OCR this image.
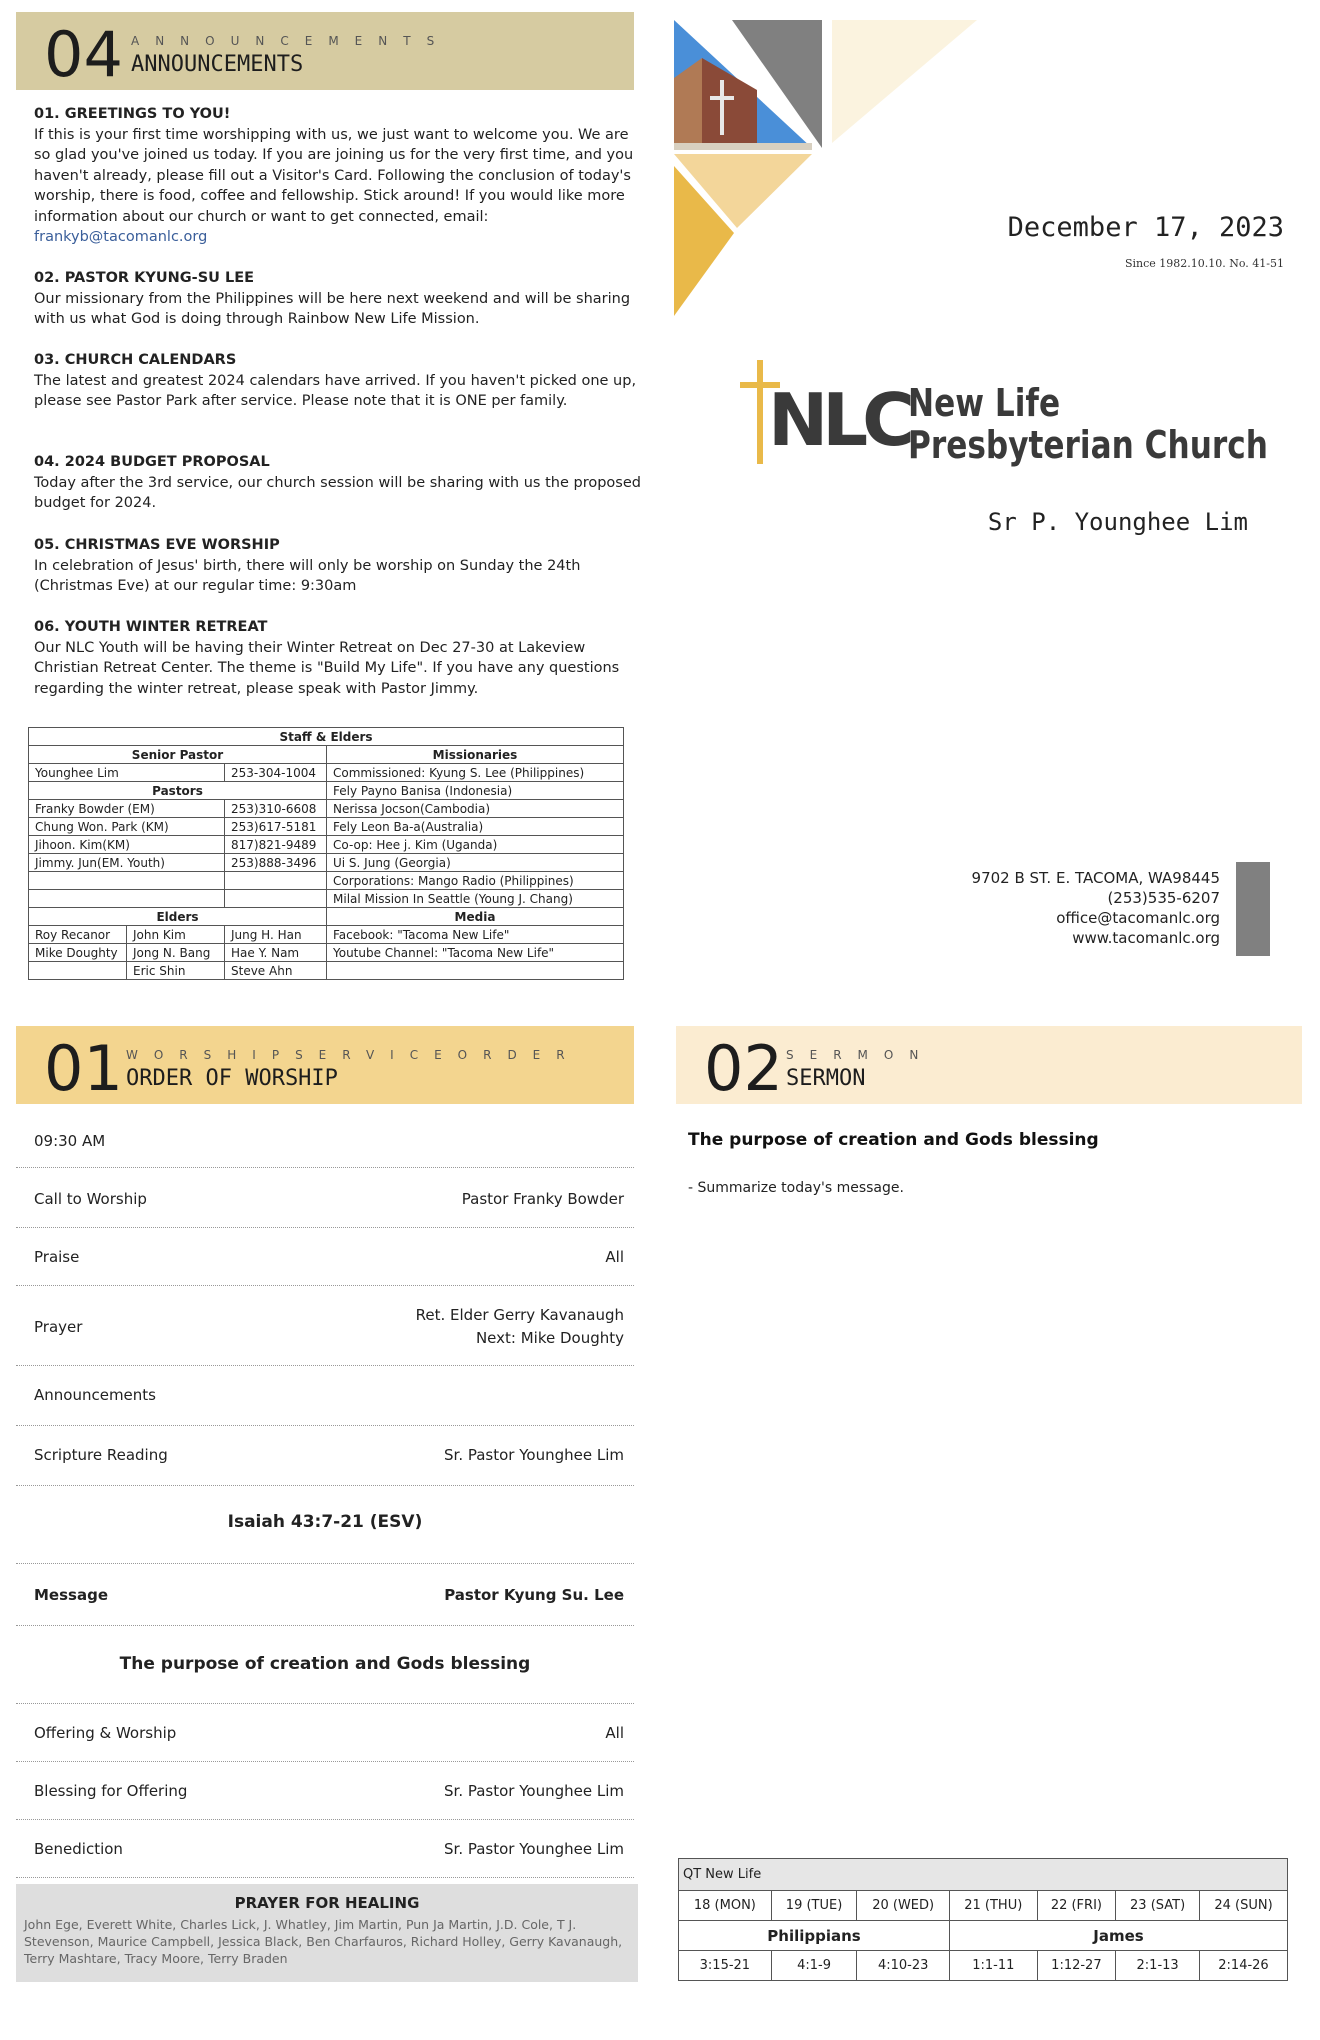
04 ANNOUNCEMENTS
ANNOUNCEMENTS
01. GREETINGS TO YOU!
If this is your first time worshipping with us, we just want to welcome you. We are so glad you've joined us today. If you are joining us for the very first time, and you haven't already, please fill out a Visitor's Card. Following the conclusion of today's worship, there is food, coffee and fellowship. Stick around! If you would like more information about our church or want to get connected, email: frankyb@tacomanlc.org
02. PASTOR KYUNG-SU LEE
Our missionary from the Philippines will be here next weekend and will be sharing with us what God is doing through Rainbow New Life Mission.
03. CHURCH CALENDARS
The latest and greatest 2024 calendars have arrived. If you haven't picked one up, please see Pastor Park after service. Please note that it is ONE per family.
04. 2024 BUDGET PROPOSAL
Today after the 3rd service, our church session will be sharing with us the proposed budget for 2024.
05. CHRISTMAS EVE WORSHIP
In celebration of Jesus' birth, there will only be worship on Sunday the 24th (Christmas Eve) at our regular time: 9:30am
06. YOUTH WINTER RETREAT
Our NLC Youth will be having their Winter Retreat on Dec 27-30 at Lakeview Christian Retreat Center. The theme is "Build My Life". If you have any questions regarding the winter retreat, please speak with Pastor Jimmy.
Staff & Elders			
Senior Pastor			Missionaries
Younghee Lim		253-304-1004	Commissioned: Kyung S. Lee (Philippines)
Pastors			Fely Payno Banisa (Indonesia)
Franky Bowder (EM)		253)310-6608	Nerissa Jocson(Cambodia)
Chung Won. Park (KM)		253)617-5181	Fely Leon Ba-a(Australia)
Jihoon. Kim(KM)		817)821-9489	Co-op: Hee j. Kim (Uganda)
Jimmy. Jun(EM. Youth)		253)888-3496	Ui S. Jung (Georgia)
			Corporations: Mango Radio (Philippines)
			Milal Mission In Seattle (Young J. Chang)
Elders			Media
Roy Recanor	John Kim	Jung H. Han	Facebook: "Tacoma New Life"
Mike Doughty	Jong N. Bang	Hae Y. Nam	Youtube Channel: "Tacoma New Life"
	Eric Shin	Steve Ahn	
December 17, 2023
Since 1982.10.10. No. 41-51
NLC New Life
Presbyterian Church
Sr P. Younghee Lim
9702 B ST. E. TACOMA, WA98445
(253)535-6207
office@tacomanlc.org
www.tacomanlc.org
01 WORSHIPSERVICEORDER
ORDER OF WORSHIP
09:30 AM
Call to Worship	Pastor Franky Bowder
Praise	All
Prayer
Ret. Elder Gerry Kavanaugh
Next: Mike Doughty
Announcements
Scripture Reading	Sr. Pastor Younghee Lim
Isaiah 43:7-21 (ESV)
Message	Pastor Kyung Su. Lee
The purpose of creation and Gods blessing
Offering & Worship	All
Blessing for Offering	Sr. Pastor Younghee Lim
Benediction	Sr. Pastor Younghee Lim
PRAYER FOR HEALING
John Ege, Everett White, Charles Lick, J. Whatley, Jim Martin, Pun Ja Martin, J.D. Cole, T J. Stevenson, Maurice Campbell, Jessica Black, Ben Charfauros, Richard Holley, Gerry Kavanaugh, Terry Mashtare, Tracy Moore, Terry Braden
02 SERMON
SERMON
The purpose of creation and Gods blessing
- Summarize today's message.
QT New Life						
18 (MON)	19 (TUE)	20 (WED)	21 (THU)	22 (FRI)	23 (SAT)	24 (SUN)
Philippians			James			
3:15-21	4:1-9	4:10-23	1:1-11	1:12-27	2:1-13	2:14-26
